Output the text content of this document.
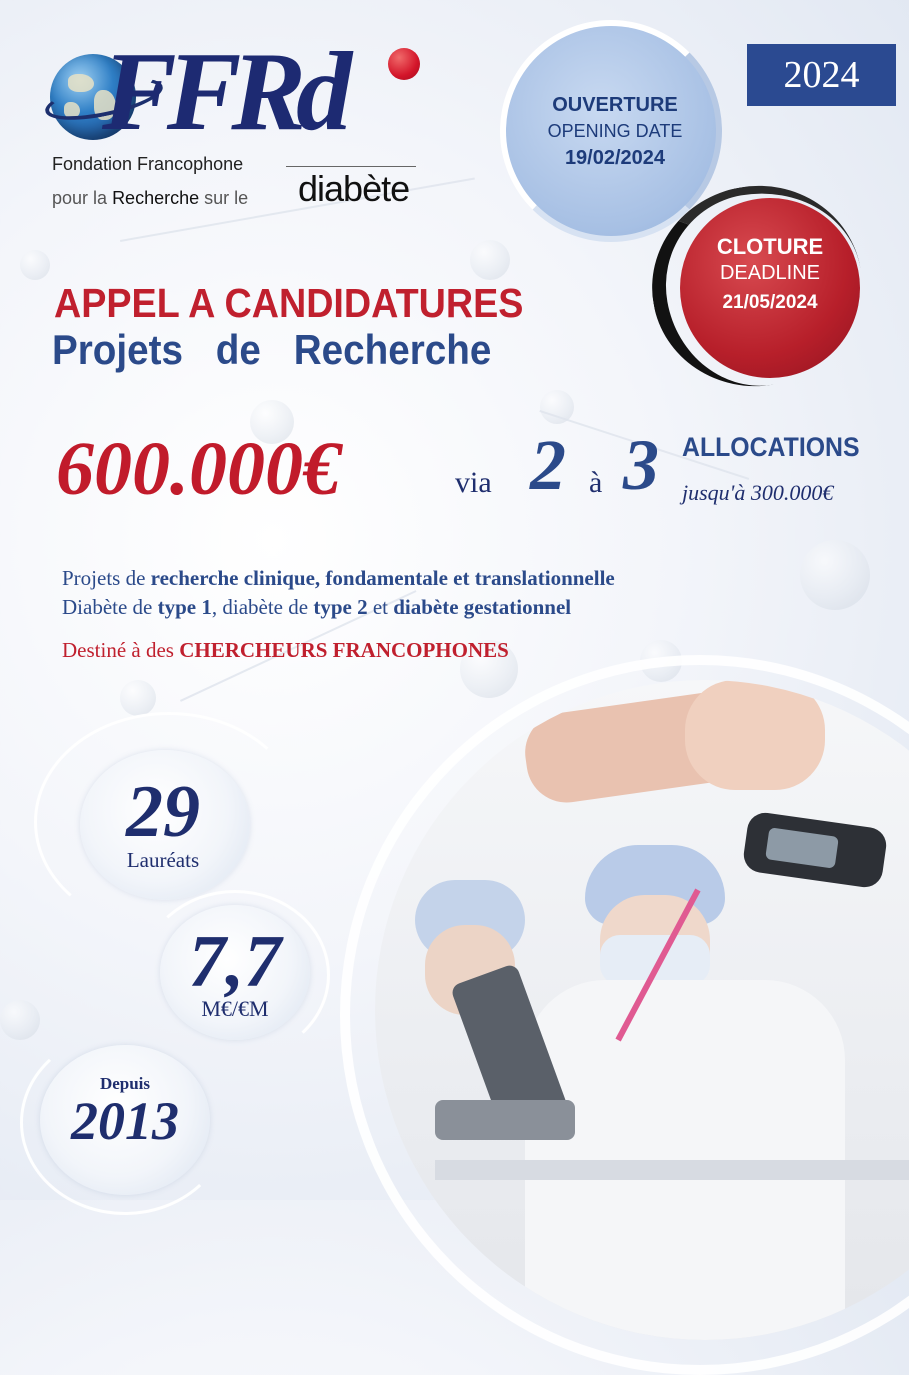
FFRd
Fondation Francophone
pour la Recherche sur le diabète
2024
OUVERTURE
OPENING DATE
19/02/2024
CLOTURE
DEADLINE
21/05/2024
APPEL A CANDIDATURES
Projets de Recherche
600.000€	via 2 à 3 ALLOCATIONS
jusqu'à 300.000€
Projets de recherche clinique, fondamentale et translationnelle
Diabète de type 1, diabète de type 2 et diabète gestationnel
Destiné à des CHERCHEURS FRANCOPHONES
29
Lauréats
7,7
M€/€M
Depuis
2013
